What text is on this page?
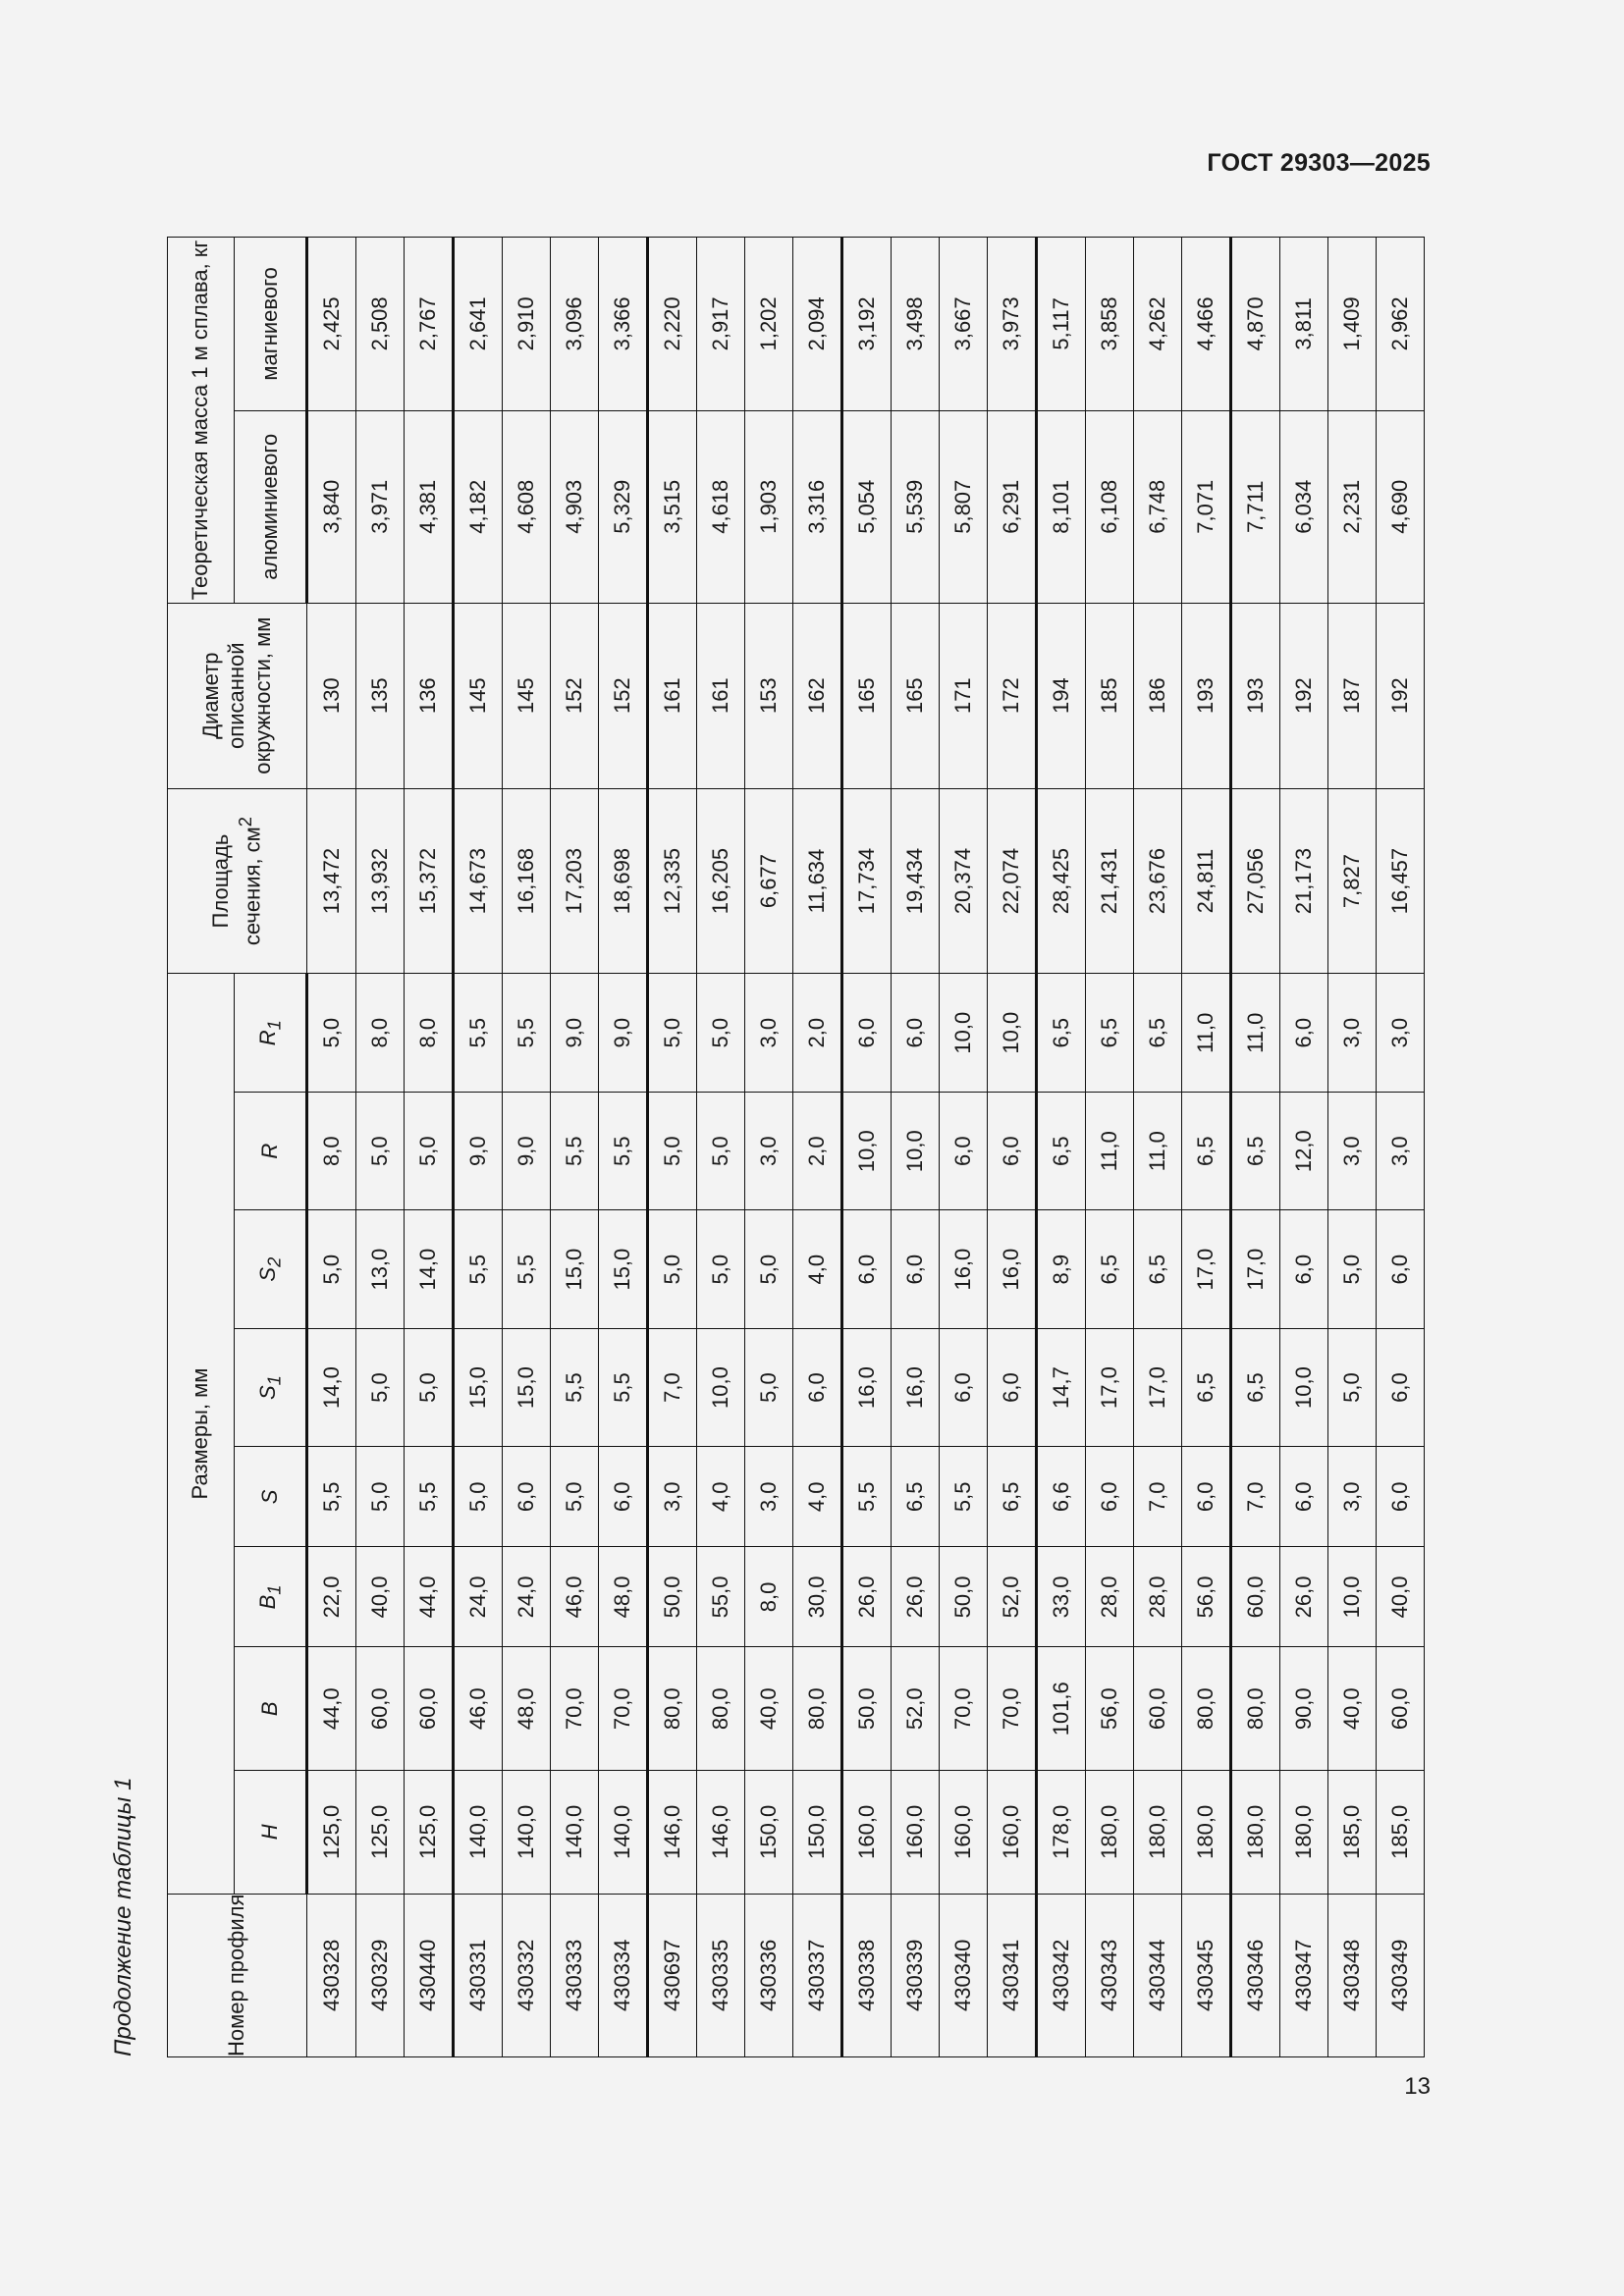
ГОСТ 29303—2025
Продолжение таблицы 1	Номер профиля	Размеры, мм								Площадь сечения, $см^2$	Диаметр описанной окружности, мм	Теоретическая масса 1 м сплава, кг	
	H	B	$B_1$	S	$S_1$	$S_2$	R	$R_1$			алюминиевого	магниевого
430328	125,0	44,0	22,0	5,5	14,0	5,0	8,0	5,0	13,472	130	3,840	2,425
430329	125,0	60,0	40,0	5,0	5,0	13,0	5,0	8,0	13,932	135	3,971	2,508
430440	125,0	60,0	44,0	5,5	5,0	14,0	5,0	8,0	15,372	136	4,381	2,767
430331	140,0	46,0	24,0	5,0	15,0	5,5	9,0	5,5	14,673	145	4,182	2,641
430332	140,0	48,0	24,0	6,0	15,0	5,5	9,0	5,5	16,168	145	4,608	2,910
430333	140,0	70,0	46,0	5,0	5,5	15,0	5,5	9,0	17,203	152	4,903	3,096
430334	140,0	70,0	48,0	6,0	5,5	15,0	5,5	9,0	18,698	152	5,329	3,366
430697	146,0	80,0	50,0	3,0	7,0	5,0	5,0	5,0	12,335	161	3,515	2,220
430335	146,0	80,0	55,0	4,0	10,0	5,0	5,0	5,0	16,205	161	4,618	2,917
430336	150,0	40,0	8,0	3,0	5,0	5,0	3,0	3,0	6,677	153	1,903	1,202
430337	150,0	80,0	30,0	4,0	6,0	4,0	2,0	2,0	11,634	162	3,316	2,094
430338	160,0	50,0	26,0	5,5	16,0	6,0	10,0	6,0	17,734	165	5,054	3,192
430339	160,0	52,0	26,0	6,5	16,0	6,0	10,0	6,0	19,434	165	5,539	3,498
430340	160,0	70,0	50,0	5,5	6,0	16,0	6,0	10,0	20,374	171	5,807	3,667
430341	160,0	70,0	52,0	6,5	6,0	16,0	6,0	10,0	22,074	172	6,291	3,973
430342	178,0	101,6	33,0	6,6	14,7	8,9	6,5	6,5	28,425	194	8,101	5,117
430343	180,0	56,0	28,0	6,0	17,0	6,5	11,0	6,5	21,431	185	6,108	3,858
430344	180,0	60,0	28,0	7,0	17,0	6,5	11,0	6,5	23,676	186	6,748	4,262
430345	180,0	80,0	56,0	6,0	6,5	17,0	6,5	11,0	24,811	193	7,071	4,466
430346	180,0	80,0	60,0	7,0	6,5	17,0	6,5	11,0	27,056	193	7,711	4,870
430347	180,0	90,0	26,0	6,0	10,0	6,0	12,0	6,0	21,173	192	6,034	3,811
430348	185,0	40,0	10,0	3,0	5,0	5,0	3,0	3,0	7,827	187	2,231	1,409
430349	185,0	60,0	40,0	6,0	6,0	6,0	3,0	3,0	16,457	192	4,690	2,962
13
